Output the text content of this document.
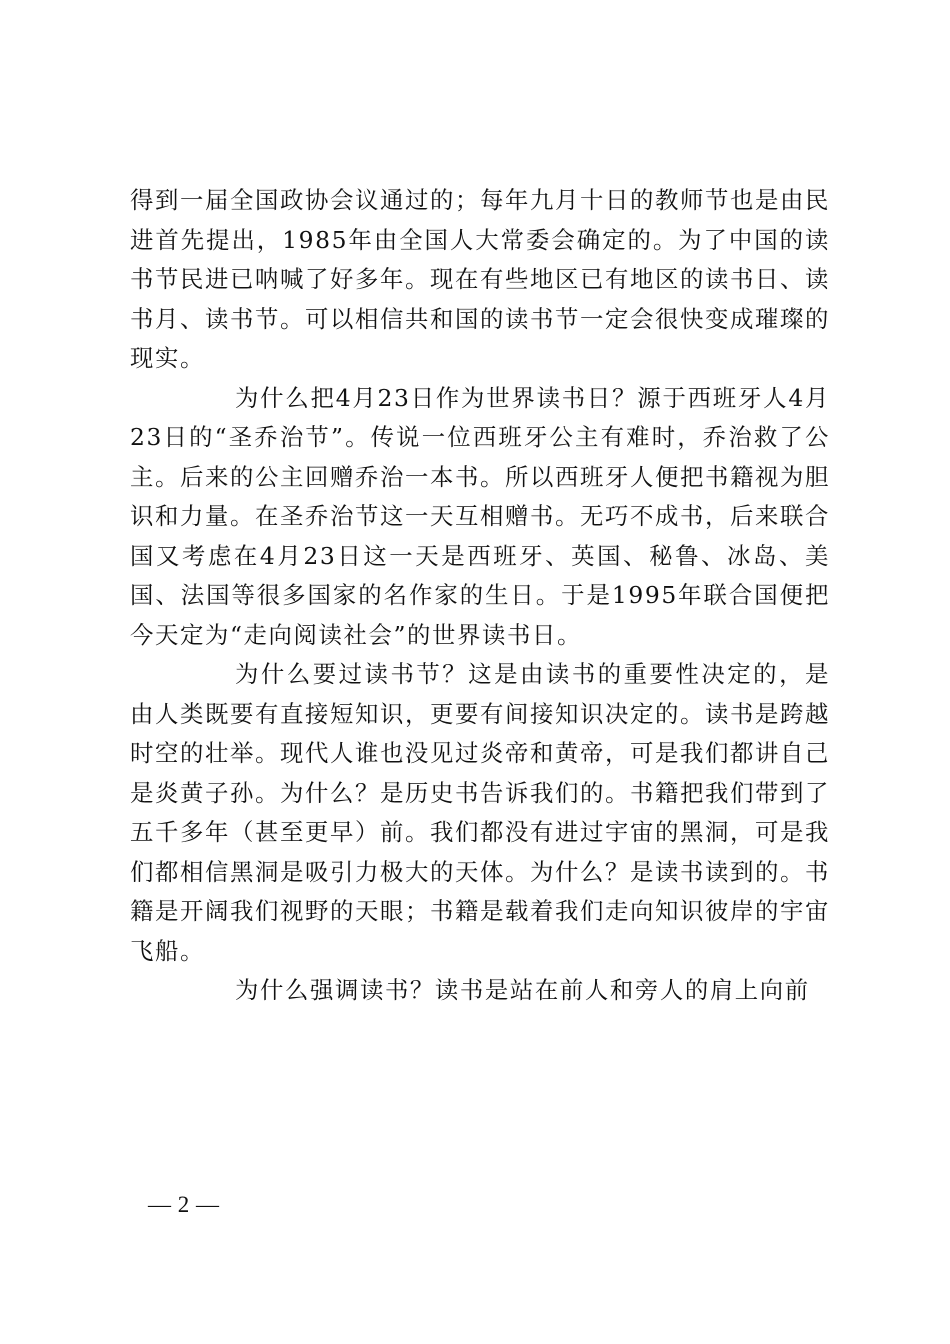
得到一届全国政协会议通过的；每年九月十日的教师节也是由民进首先提出，1985年由全国人大常委会确定的。为了中国的读书节民进已呐喊了好多年。现在有些地区已有地区的读书日、读书月、读书节。可以相信共和国的读书节一定会很快变成璀璨的现实。

为什么把4月23日作为世界读书日？源于西班牙人4月23日的“圣乔治节”。传说一位西班牙公主有难时，乔治救了公主。后来的公主回赠乔治一本书。所以西班牙人便把书籍视为胆识和力量。在圣乔治节这一天互相赠书。无巧不成书，后来联合国又考虑在4月23日这一天是西班牙、英国、秘鲁、冰岛、美国、法国等很多国家的名作家的生日。于是1995年联合国便把今天定为“走向阅读社会”的世界读书日。

为什么要过读书节？这是由读书的重要性决定的，是由人类既要有直接短知识，更要有间接知识决定的。读书是跨越时空的壮举。现代人谁也没见过炎帝和黄帝，可是我们都讲自己是炎黄子孙。为什么？是历史书告诉我们的。书籍把我们带到了五千多年（甚至更早）前。我们都没有进过宇宙的黑洞，可是我们都相信黑洞是吸引力极大的天体。为什么？是读书读到的。书籍是开阔我们视野的天眼；书籍是载着我们走向知识彼岸的宇宙飞船。

为什么强调读书？读书是站在前人和旁人的肩上向前

— 2 —
